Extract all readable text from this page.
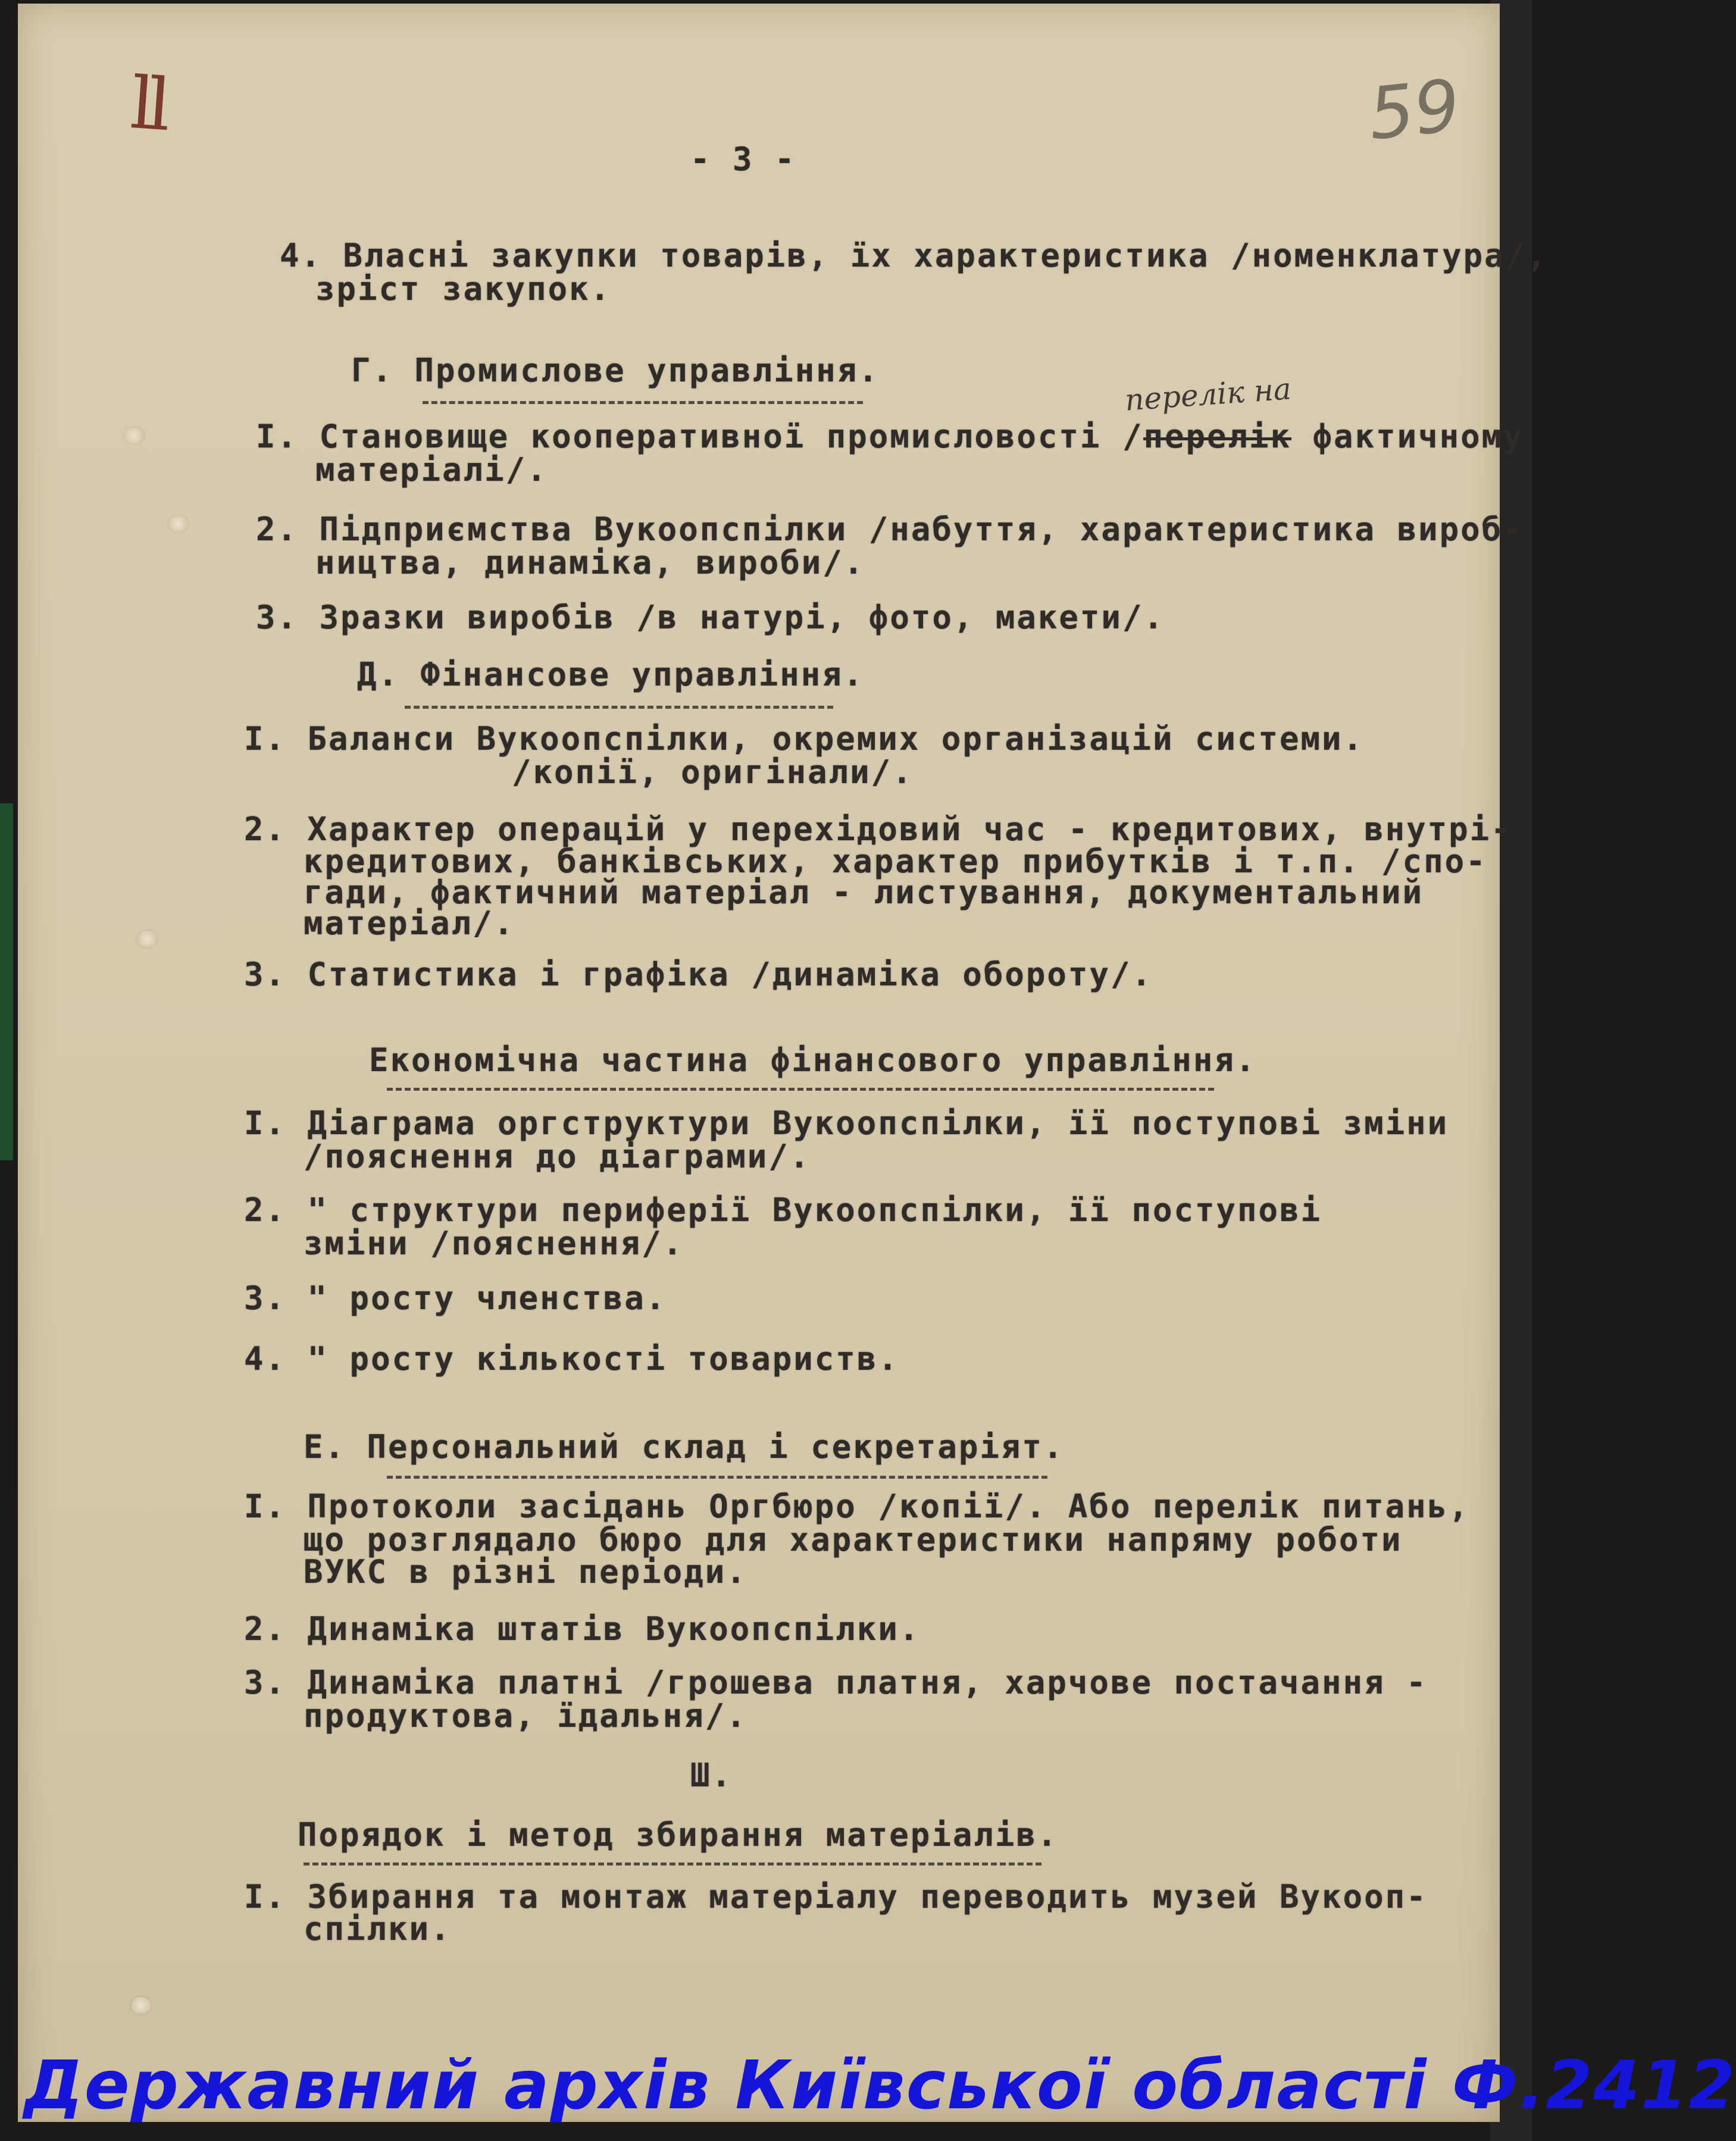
ll	59
- 3 -
4. Власні закупки товарів, їх характеристика /номенклатура/,
зріст закупок.
Г. Промислове управління.
перелік на
І. Становище кооперативної промисловості /перелік фактичному
матеріалі/.
2. Підприємства Вукоопспілки /набуття, характеристика вироб-
ництва, динаміка, вироби/.
3. Зразки виробів /в натурі, фото, макети/.
Д. Фінансове управління.
І. Баланси Вукоопспілки, окремих організацій системи.
/копії, оригінали/.
2. Характер операцій у перехідовий час - кредитових, внутрі-
кредитових, банківських, характер прибутків і т.п. /спо-
гади, фактичний матеріал - листування, документальний
матеріал/.
3. Статистика і графіка /динаміка обороту/.
Економічна частина фінансового управління.
І. Діаграма оргструктури Вукоопспілки, її поступові зміни
/пояснення до діаграми/.
2. " структури периферії Вукоопспілки, її поступові
зміни /пояснення/.
3. " росту членства.
4. " росту кількості товариств.
Е. Персональний склад і секретаріят.
І. Протоколи засідань Оргбюро /копії/. Або перелік питань,
що розглядало бюро для характеристики напряму роботи
ВУКС в різні періоди.
2. Динаміка штатів Вукоопспілки.
3. Динаміка платні /грошева платня, харчове постачання -
продуктова, їдальня/.
Ш.
Порядок і метод збирання матеріалів.
І. Збирання та монтаж матеріалу переводить музей Вукооп-
спілки.
Державний архів Київської області Ф.2412
